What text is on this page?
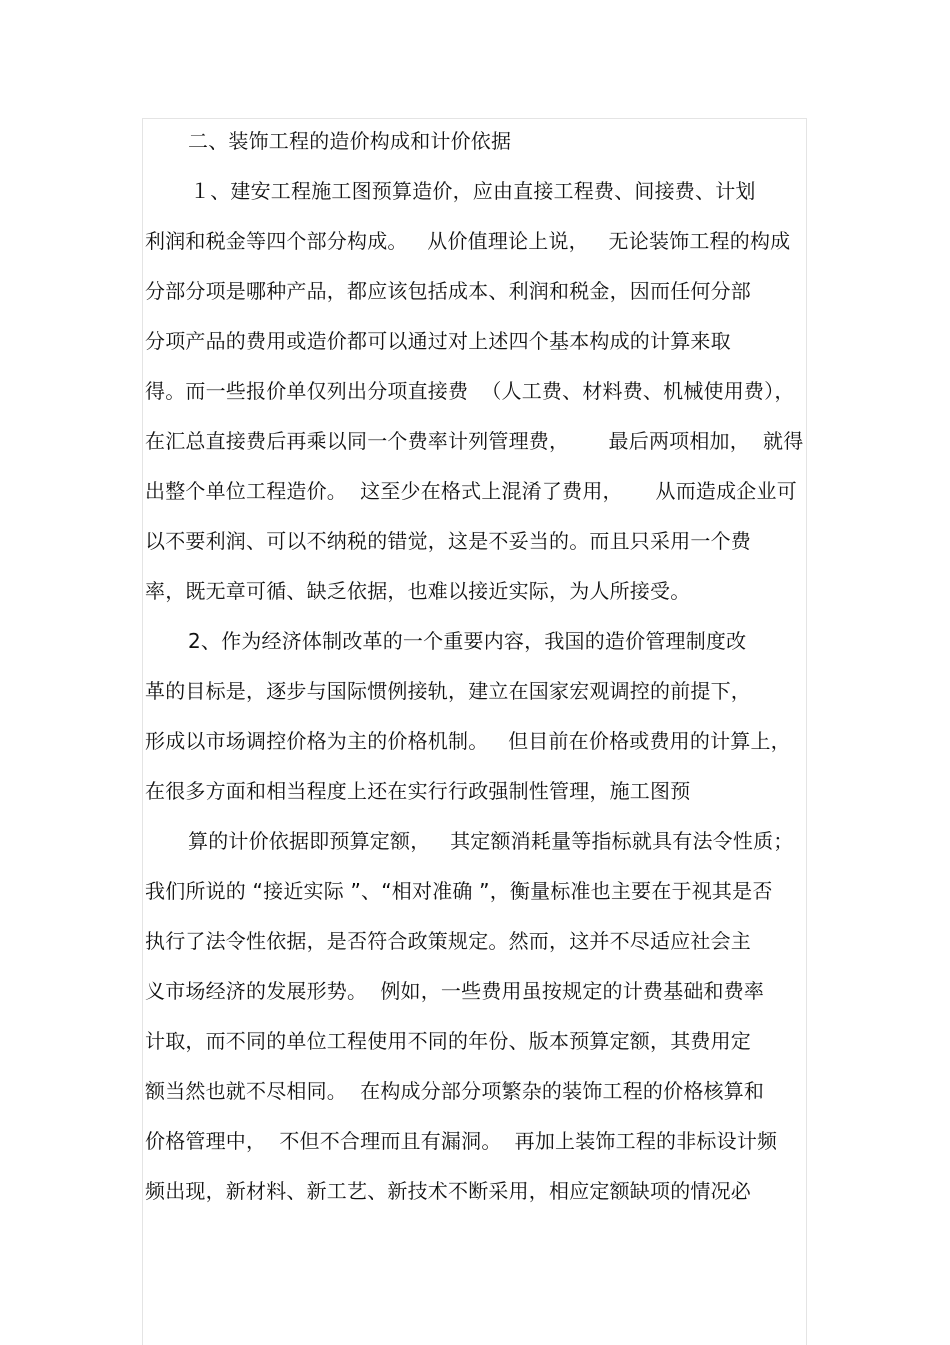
二、装饰工程的造价构成和计价依据
１、建安工程施工图预算造价，应由直接工程费、间接费、计划
利润和税金等四个部分构成。   从价值理论上说，   无论装饰工程的构成
分部分项是哪种产品，都应该包括成本、利润和税金，因而任何分部
分项产品的费用或造价都可以通过对上述四个基本构成的计算来取
得。而一些报价单仅列出分项直接费  （人工费、材料费、机械使用费），
在汇总直接费后再乘以同一个费率计列管理费，      最后两项相加，  就得
出整个单位工程造价。  这至少在格式上混淆了费用，     从而造成企业可
以不要利润、可以不纳税的错觉，这是不妥当的。而且只采用一个费
率，既无章可循、缺乏依据，也难以接近实际，为人所接受。
2、作为经济体制改革的一个重要内容，我国的造价管理制度改
革的目标是，逐步与国际惯例接轨，建立在国家宏观调控的前提下，
形成以市场调控价格为主的价格机制。   但目前在价格或费用的计算上，
在很多方面和相当程度上还在实行行政强制性管理，施工图预
算的计价依据即预算定额，   其定额消耗量等指标就具有法令性质；
我们所说的 “接近实际 ”、“相对准确 ”，衡量标准也主要在于视其是否
执行了法令性依据，是否符合政策规定。然而，这并不尽适应社会主
义市场经济的发展形势。  例如，一些费用虽按规定的计费基础和费率
计取，而不同的单位工程使用不同的年份、版本预算定额，其费用定
额当然也就不尽相同。  在构成分部分项繁杂的装饰工程的价格核算和
价格管理中，  不但不合理而且有漏洞。  再加上装饰工程的非标设计频
频出现，新材料、新工艺、新技术不断采用，相应定额缺项的情况必
